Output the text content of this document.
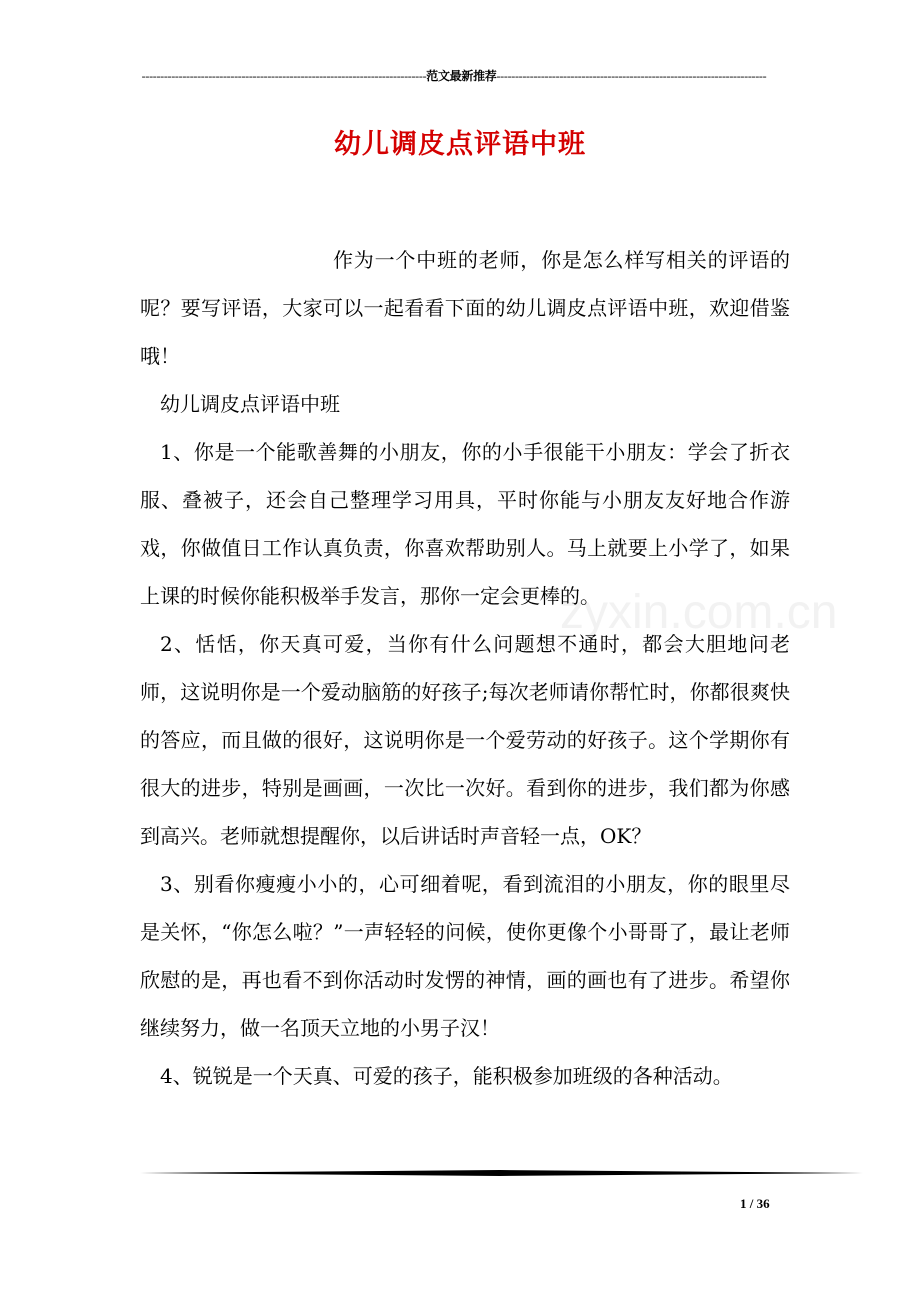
-----------------------------------------------------------------------------范文最新推荐-------------------------------------------------------------------------
幼儿调皮点评语中班
zyxin.com.cn

作为一个中班的老师，你是怎么样写相关的评语的呢？要写评语，大家可以一起看看下面的幼儿调皮点评语中班，欢迎借鉴哦！

幼儿调皮点评语中班

1、你是一个能歌善舞的小朋友，你的小手很能干小朋友：学会了折衣服、叠被子，还会自己整理学习用具，平时你能与小朋友友好地合作游戏，你做值日工作认真负责，你喜欢帮助别人。马上就要上小学了，如果上课的时候你能积极举手发言，那你一定会更棒的。

2、恬恬，你天真可爱，当你有什么问题想不通时，都会大胆地问老师，这说明你是一个爱动脑筋的好孩子;每次老师请你帮忙时，你都很爽快的答应，而且做的很好，这说明你是一个爱劳动的好孩子。这个学期你有很大的进步，特别是画画，一次比一次好。看到你的进步，我们都为你感到高兴。老师就想提醒你，以后讲话时声音轻一点，OK？

3、别看你瘦瘦小小的，心可细着呢，看到流泪的小朋友，你的眼里尽是关怀，“你怎么啦？”一声轻轻的问候，使你更像个小哥哥了，最让老师欣慰的是，再也看不到你活动时发愣的神情，画的画也有了进步。希望你继续努力，做一名顶天立地的小男子汉！

4、锐锐是一个天真、可爱的孩子，能积极参加班级的各种活动。

1 / 36
